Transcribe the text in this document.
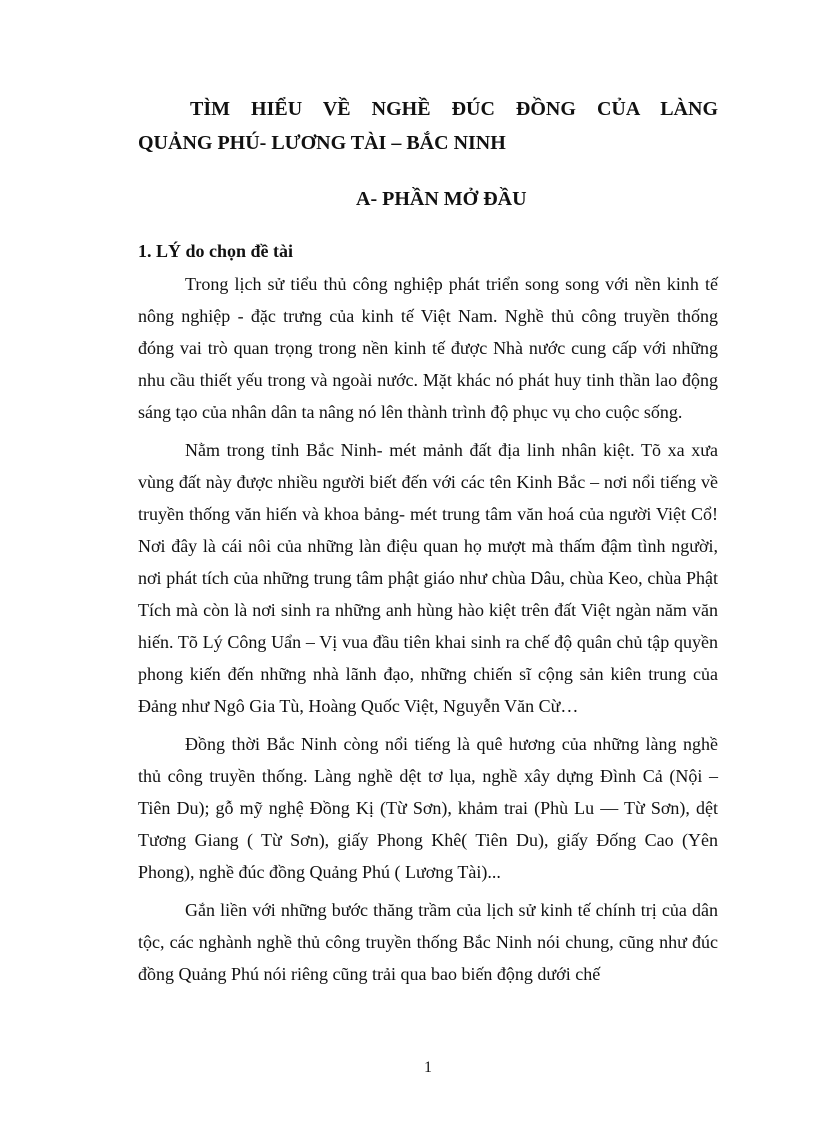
TÌM HIỂU VỀ NGHỀ ĐÚC ĐỒNG CỦA LÀNG
QUẢNG PHÚ- LƯƠNG TÀI – BẮC NINH
A- PHẦN MỞ ĐẦU
1. LÝ do chọn đề tài

Trong lịch sử tiểu thủ công nghiệp phát triển song song với nền kinh tế nông nghiệp - đặc trưng của kinh tế Việt Nam. Nghề thủ công truyền thống đóng vai trò quan trọng trong nền kinh tế được Nhà nước cung cấp với những nhu cầu thiết yếu trong và ngoài nước. Mặt khác nó phát huy tinh thần lao động sáng tạo của nhân dân ta nâng nó lên thành trình độ phục vụ cho cuộc sống.

Nằm trong tỉnh Bắc Ninh- mét mảnh đất địa linh nhân kiệt. Tõ xa xưa vùng đất này được nhiều người biết đến với các tên Kinh Bắc – nơi nổi tiếng về truyền thống văn hiến và khoa bảng- mét trung tâm văn hoá của người Việt Cổ! Nơi đây là cái nôi của những làn điệu quan họ mượt mà thấm đậm tình người, nơi phát tích của những trung tâm phật giáo như chùa Dâu, chùa Keo, chùa Phật Tích mà còn là nơi sinh ra những anh hùng hào kiệt trên đất Việt ngàn năm văn hiến. Tõ Lý Công Uẩn – Vị vua đầu tiên khai sinh ra chế độ quân chủ tập quyền phong kiến đến những nhà lãnh đạo, những chiến sĩ cộng sản kiên trung của Đảng như Ngô Gia Tù, Hoàng Quốc Việt, Nguyễn Văn Cừ…

Đồng thời Bắc Ninh còng nổi tiếng là quê hương của những làng nghề thủ công truyền thống. Làng nghề dệt tơ lụa, nghề xây dựng Đình Cả (Nội – Tiên Du); gỗ mỹ nghệ Đồng Kị (Từ Sơn), khảm trai (Phù Lu — Từ Sơn), dệt Tương Giang ( Từ Sơn), giấy Phong Khê( Tiên Du), giấy Đống Cao (Yên Phong), nghề đúc đồng Quảng Phú ( Lương Tài)...

Gắn liền với những bước thăng trầm của lịch sử kinh tế chính trị của dân tộc, các nghành nghề thủ công truyền thống Bắc Ninh nói chung, cũng như đúc đồng Quảng Phú nói riêng cũng trải qua bao biến động dưới chế

1
